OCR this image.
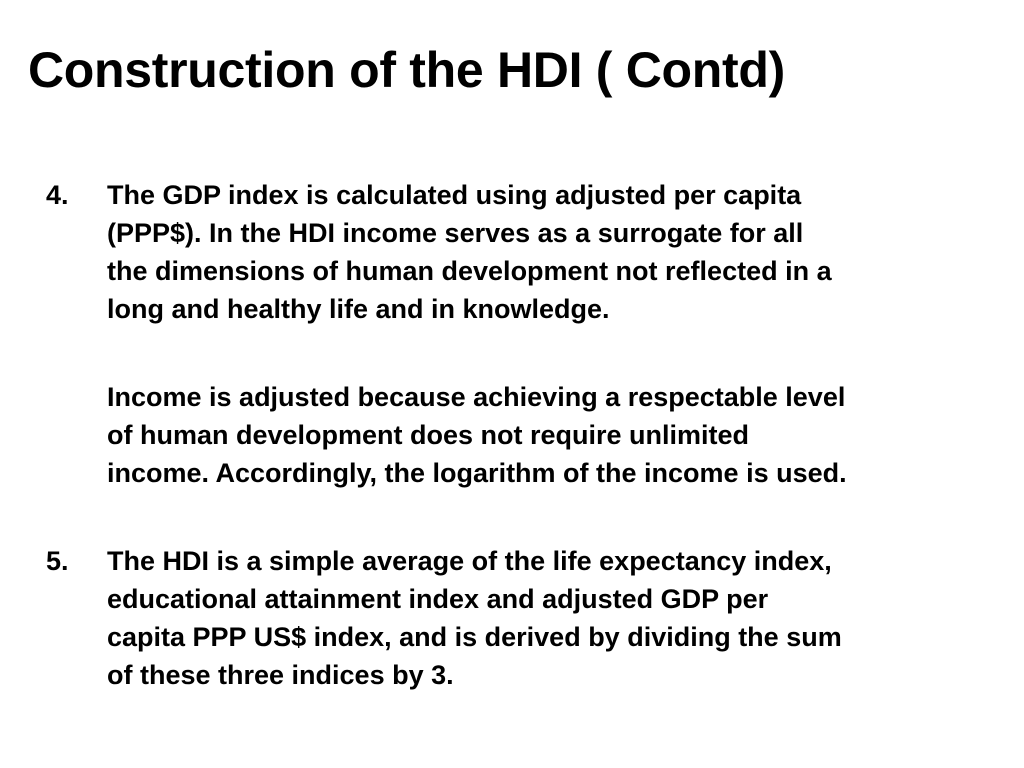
Construction of the HDI ( Contd)
4. The GDP index is calculated using adjusted per capita
(PPP$). In the HDI income serves as a surrogate for all
the dimensions of human development not reflected in a
long and healthy life and in knowledge.

Income is adjusted because achieving a respectable level
of human development does not require unlimited
income. Accordingly, the logarithm of the income is used.

5. The HDI is a simple average of the life expectancy index,
educational attainment index and adjusted GDP per
capita PPP US$ index, and is derived by dividing the sum
of these three indices by 3.
